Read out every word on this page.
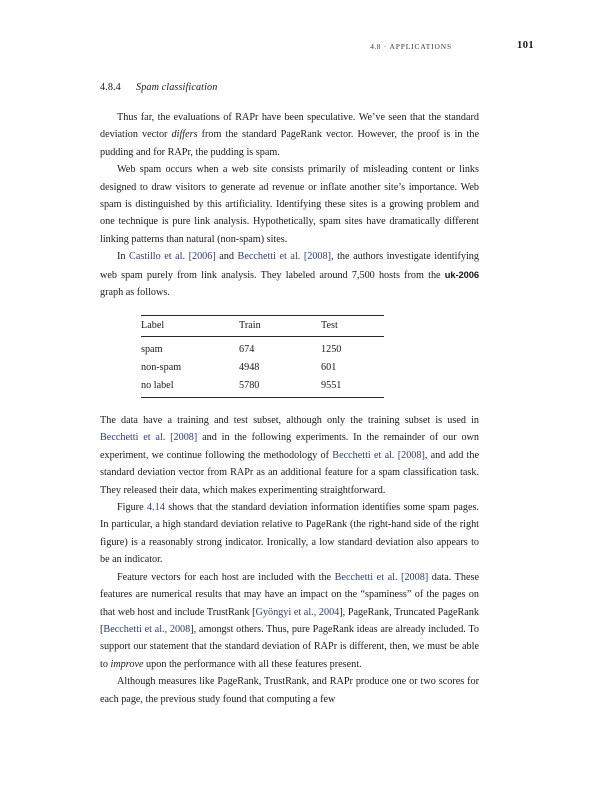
4.8 · APPLICATIONS	101
4.8.4 Spam classification

Thus far, the evaluations of RAPr have been speculative. We’ve seen that the standard deviation vector differs from the standard PageRank vector. However, the proof is in the pudding and for RAPr, the pudding is spam.

Web spam occurs when a web site consists primarily of misleading content or links designed to draw visitors to generate ad revenue or inflate another site’s importance. Web spam is distinguished by this artificiality. Identifying these sites is a growing problem and one technique is pure link analysis. Hypothetically, spam sites have dramatically different linking patterns than natural (non-spam) sites.

In Castillo et al. [2006] and Becchetti et al. [2008], the authors investigate identifying web spam purely from link analysis. They labeled around 7,500 hosts from the uk-2006 graph as follows.

Label	Train	Test
spam	674	1250
non-spam	4948	601
no label	5780	9551

The data have a training and test subset, although only the training subset is used in Becchetti et al. [2008] and in the following experiments. In the remainder of our own experiment, we continue following the methodology of Becchetti et al. [2008], and add the standard deviation vector from RAPr as an additional feature for a spam classification task. They released their data, which makes experimenting straightforward.

Figure 4.14 shows that the standard deviation information identifies some spam pages. In particular, a high standard deviation relative to PageRank (the right-hand side of the right figure) is a reasonably strong indicator. Ironically, a low standard deviation also appears to be an indicator.

Feature vectors for each host are included with the Becchetti et al. [2008] data. These features are numerical results that may have an impact on the “spaminess” of the pages on that web host and include TrustRank [Gyöngyi et al., 2004], PageRank, Truncated PageRank [Becchetti et al., 2008], amongst others. Thus, pure PageRank ideas are already included. To support our statement that the standard deviation of RAPr is different, then, we must be able to improve upon the performance with all these features present.

Although measures like PageRank, TrustRank, and RAPr produce one or two scores for each page, the previous study found that computing a few
